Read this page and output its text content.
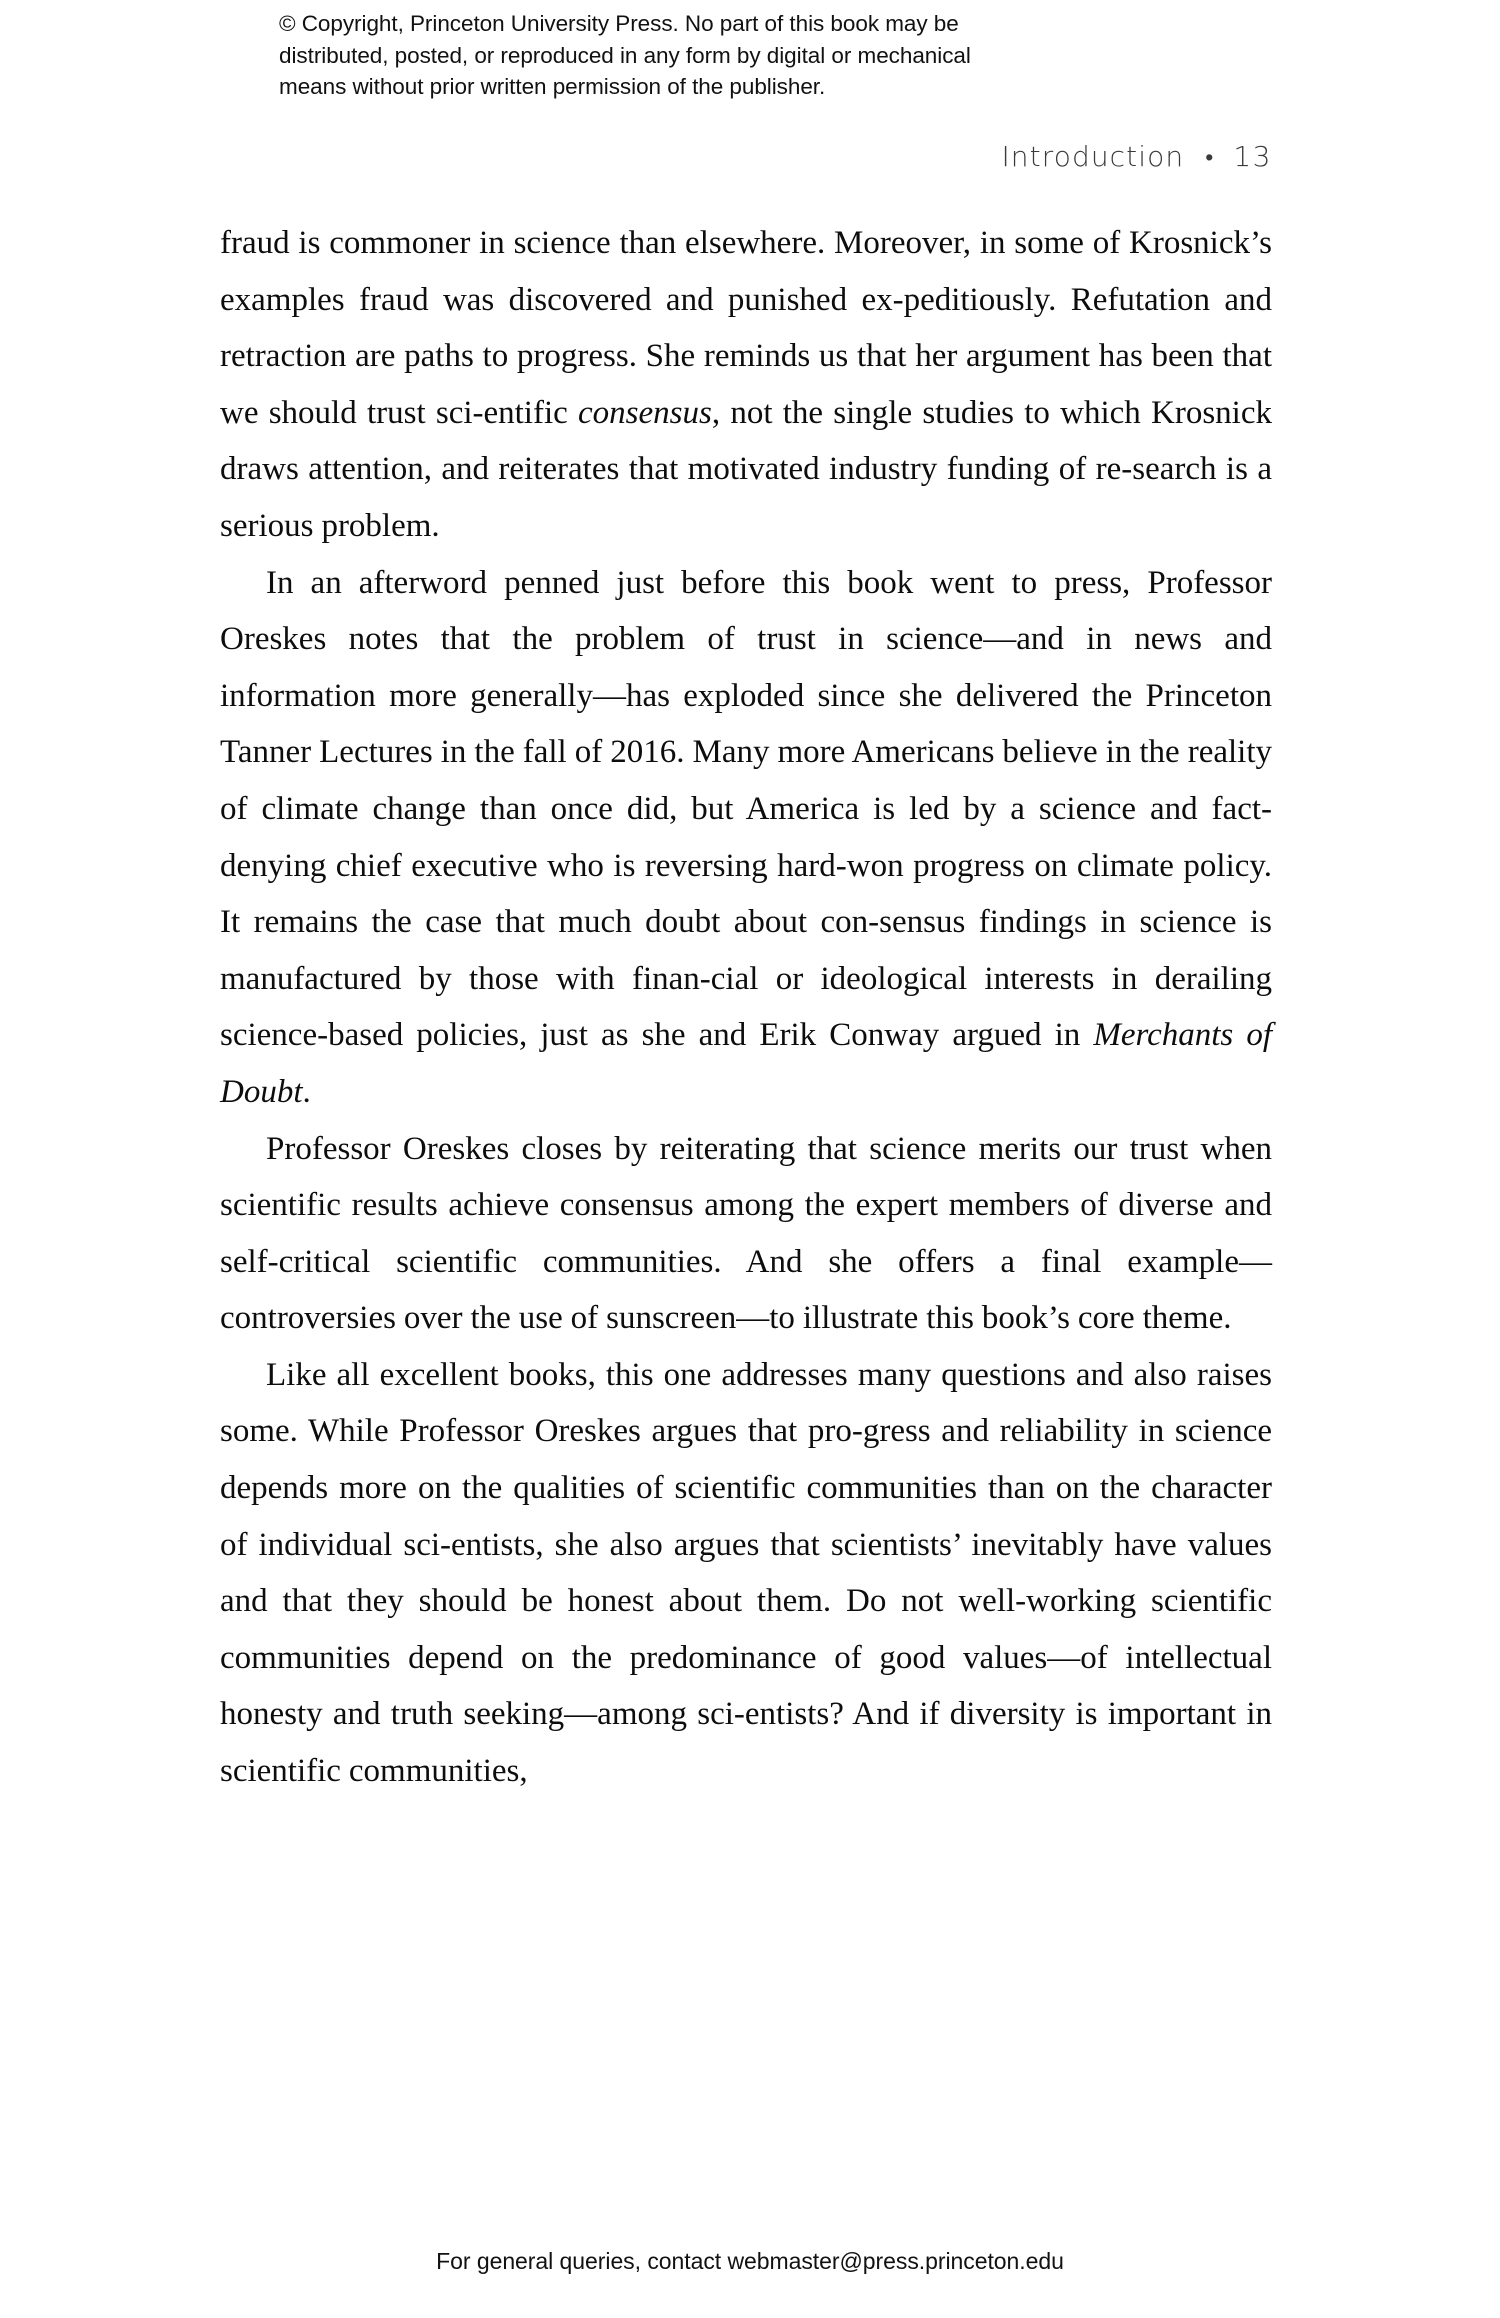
© Copyright, Princeton University Press. No part of this book may be
distributed, posted, or reproduced in any form by digital or mechanical
means without prior written permission of the publisher.
Introduction • 13

fraud is commoner in science than elsewhere. Moreover, in some of Krosnick’s examples fraud was discovered and punished ex-peditiously. Refutation and retraction are paths to progress. She reminds us that her argument has been that we should trust sci-entific consensus, not the single studies to which Krosnick draws attention, and reiterates that motivated industry funding of re-search is a serious problem.

In an afterword penned just before this book went to press, Professor Oreskes notes that the problem of trust in science—and in news and information more generally—has exploded since she delivered the Princeton Tanner Lectures in the fall of 2016. Many more Americans believe in the reality of climate change than once did, but America is led by a science and fact-denying chief executive who is reversing hard-won progress on climate policy. It remains the case that much doubt about con-sensus findings in science is manufactured by those with finan-cial or ideological interests in derailing science-based policies, just as she and Erik Conway argued in Merchants of Doubt.

Professor Oreskes closes by reiterating that science merits our trust when scientific results achieve consensus among the expert members of diverse and self-critical scientific communities. And she offers a final example—controversies over the use of sunscreen—to illustrate this book’s core theme.

Like all excellent books, this one addresses many questions and also raises some. While Professor Oreskes argues that pro-gress and reliability in science depends more on the qualities of scientific communities than on the character of individual sci-entists, she also argues that scientists’ inevitably have values and that they should be honest about them. Do not well-working scientific communities depend on the predominance of good values—of intellectual honesty and truth seeking—among sci-entists? And if diversity is important in scientific communities,

For general queries, contact webmaster@press.princeton.edu
